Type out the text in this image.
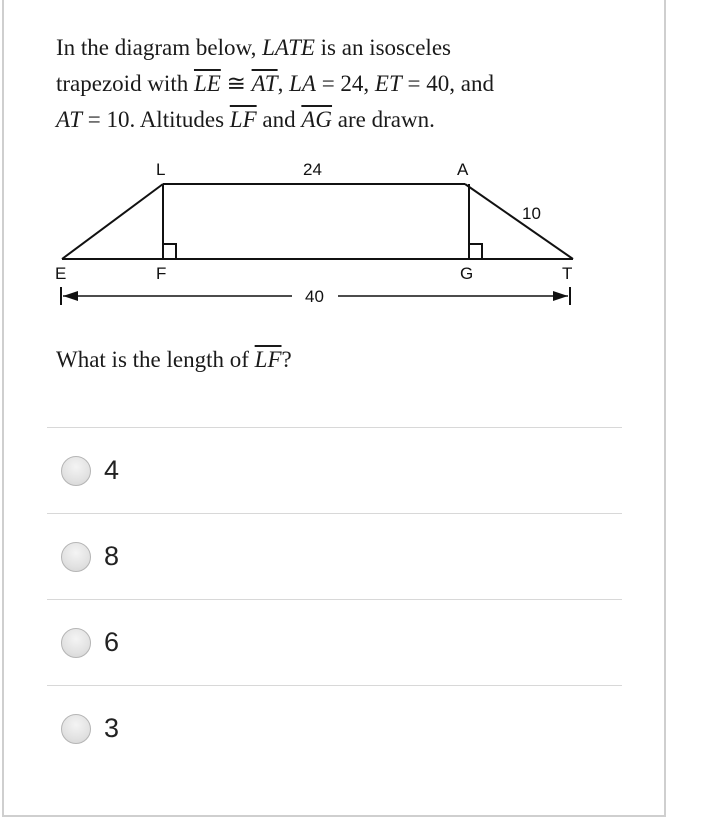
In the diagram below, LATE is an isosceles
trapezoid with $\overline{LE}$ ≅ $\overline{AT}$, LA = 24, ET = 40, and
AT = 10. Altitudes $\overline{LF}$ and $\overline{AG}$ are drawn.
L	A
E	F	G	T
24
10
40
What is the length of $\overline{LF}$?
4
8
6
3
